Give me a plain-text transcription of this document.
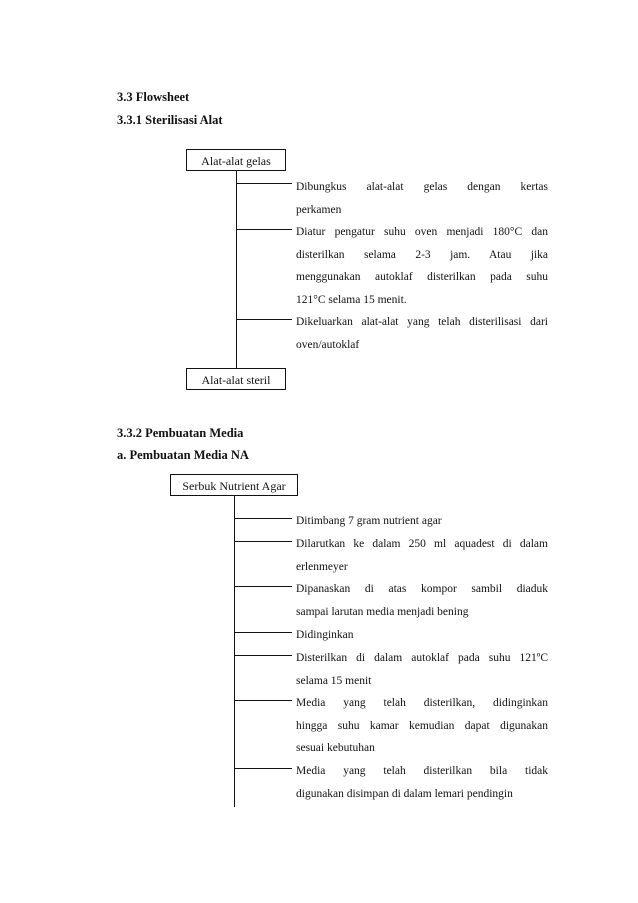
3.3 Flowsheet
3.3.1 Sterilisasi Alat
Alat-alat gelas
Dibungkus alat-alat gelas dengan kertas
perkamen
Diatur pengatur suhu oven menjadi 180°C dan
disterilkan selama 2-3 jam. Atau jika
menggunakan autoklaf disterilkan pada suhu
121°C selama 15 menit.
Dikeluarkan alat-alat yang telah disterilisasi dari
oven/autoklaf
Alat-alat steril
3.3.2 Pembuatan Media
a. Pembuatan Media NA
Serbuk Nutrient Agar
Ditimbang 7 gram nutrient agar
Dilarutkan ke dalam 250 ml aquadest di dalam
erlenmeyer
Dipanaskan di atas kompor sambil diaduk
sampai larutan media menjadi bening
Didinginkan
Disterilkan di dalam autoklaf pada suhu 121ºC
selama 15 menit
Media yang telah disterilkan, didinginkan
hingga suhu kamar kemudian dapat digunakan
sesuai kebutuhan
Media yang telah disterilkan bila tidak
digunakan disimpan di dalam lemari pendingin
